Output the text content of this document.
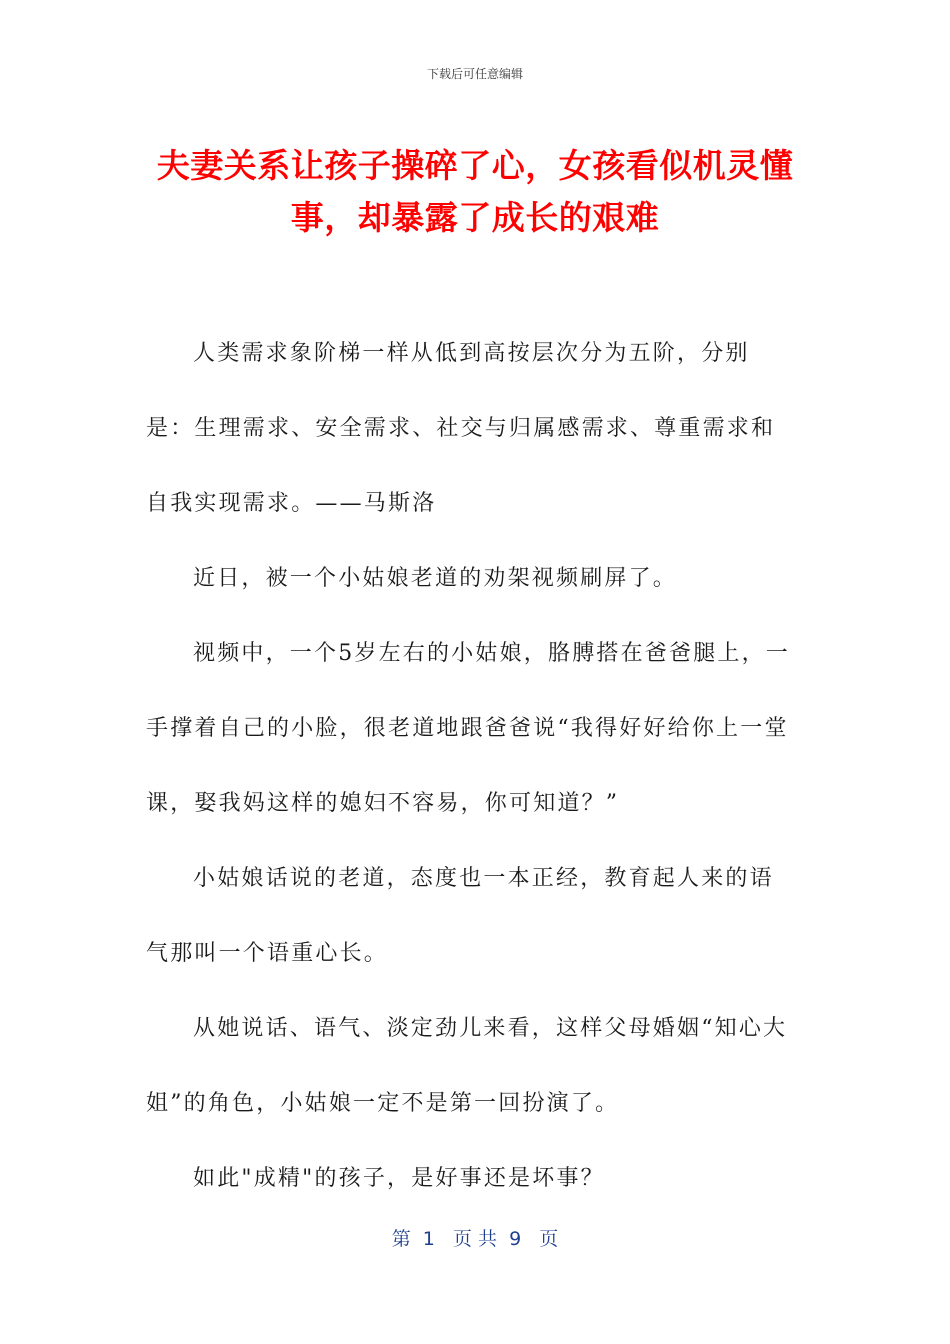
下载后可任意编辑
夫妻关系让孩子操碎了心，女孩看似机灵懂事，却暴露了成长的艰难

人类需求象阶梯一样从低到高按层次分为五阶，分别是：生理需求、安全需求、社交与归属感需求、尊重需求和自我实现需求。——马斯洛

近日，被一个小姑娘老道的劝架视频刷屏了。

视频中，一个5岁左右的小姑娘，胳膊搭在爸爸腿上，一手撑着自己的小脸，很老道地跟爸爸说“我得好好给你上一堂课，娶我妈这样的媳妇不容易，你可知道？”

小姑娘话说的老道，态度也一本正经，教育起人来的语气那叫一个语重心长。

从她说话、语气、淡定劲儿来看，这样父母婚姻“知心大姐”的角色，小姑娘一定不是第一回扮演了。

如此"成精"的孩子，是好事还是坏事？

第  1   页 共  9   页
